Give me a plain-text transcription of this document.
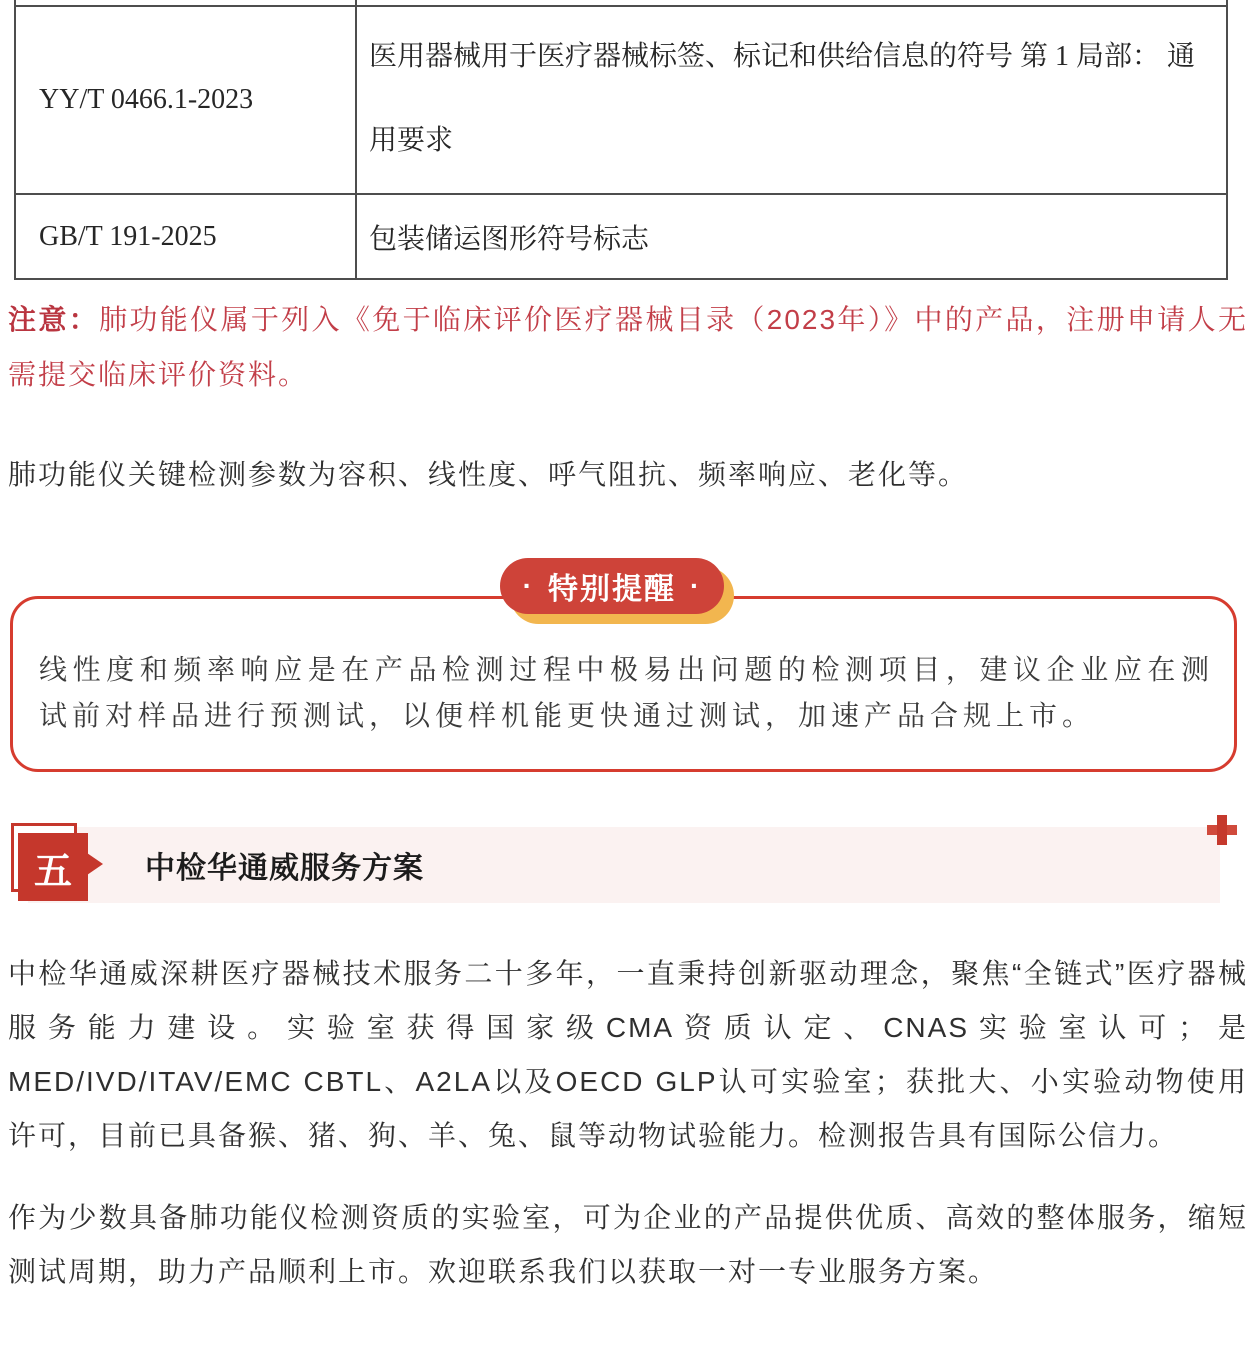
YY/T 0466.1-2023	医用器械用于医疗器械标签、标记和供给信息的符号 第 1 局部： 通
用要求

GB/T 191-2025	包装储运图形符号标志

注意：肺功能仪属于列入《免于临床评价医疗器械目录（2023年）》中的产品，注册申请人无需提交临床评价资料。

肺功能仪关键检测参数为容积、线性度、呼气阻抗、频率响应、老化等。

· 特别提醒 ·

线性度和频率响应是在产品检测过程中极易出问题的检测项目，建议企业应在测试前对样品进行预测试，以便样机能更快通过测试，加速产品合规上市。

五	中检华通威服务方案

中检华通威深耕医疗器械技术服务二十多年，一直秉持创新驱动理念，聚焦“全链式”医疗器械服务能力建设。实验室获得国家级CMA资质认定、CNAS实验室认可；是MED/IVD/ITAV/EMC CBTL、A2LA以及OECD GLP认可实验室；获批大、小实验动物使用许可，目前已具备猴、猪、狗、羊、兔、鼠等动物试验能力。检测报告具有国际公信力。

作为少数具备肺功能仪检测资质的实验室，可为企业的产品提供优质、高效的整体服务，缩短测试周期，助力产品顺利上市。欢迎联系我们以获取一对一专业服务方案。
